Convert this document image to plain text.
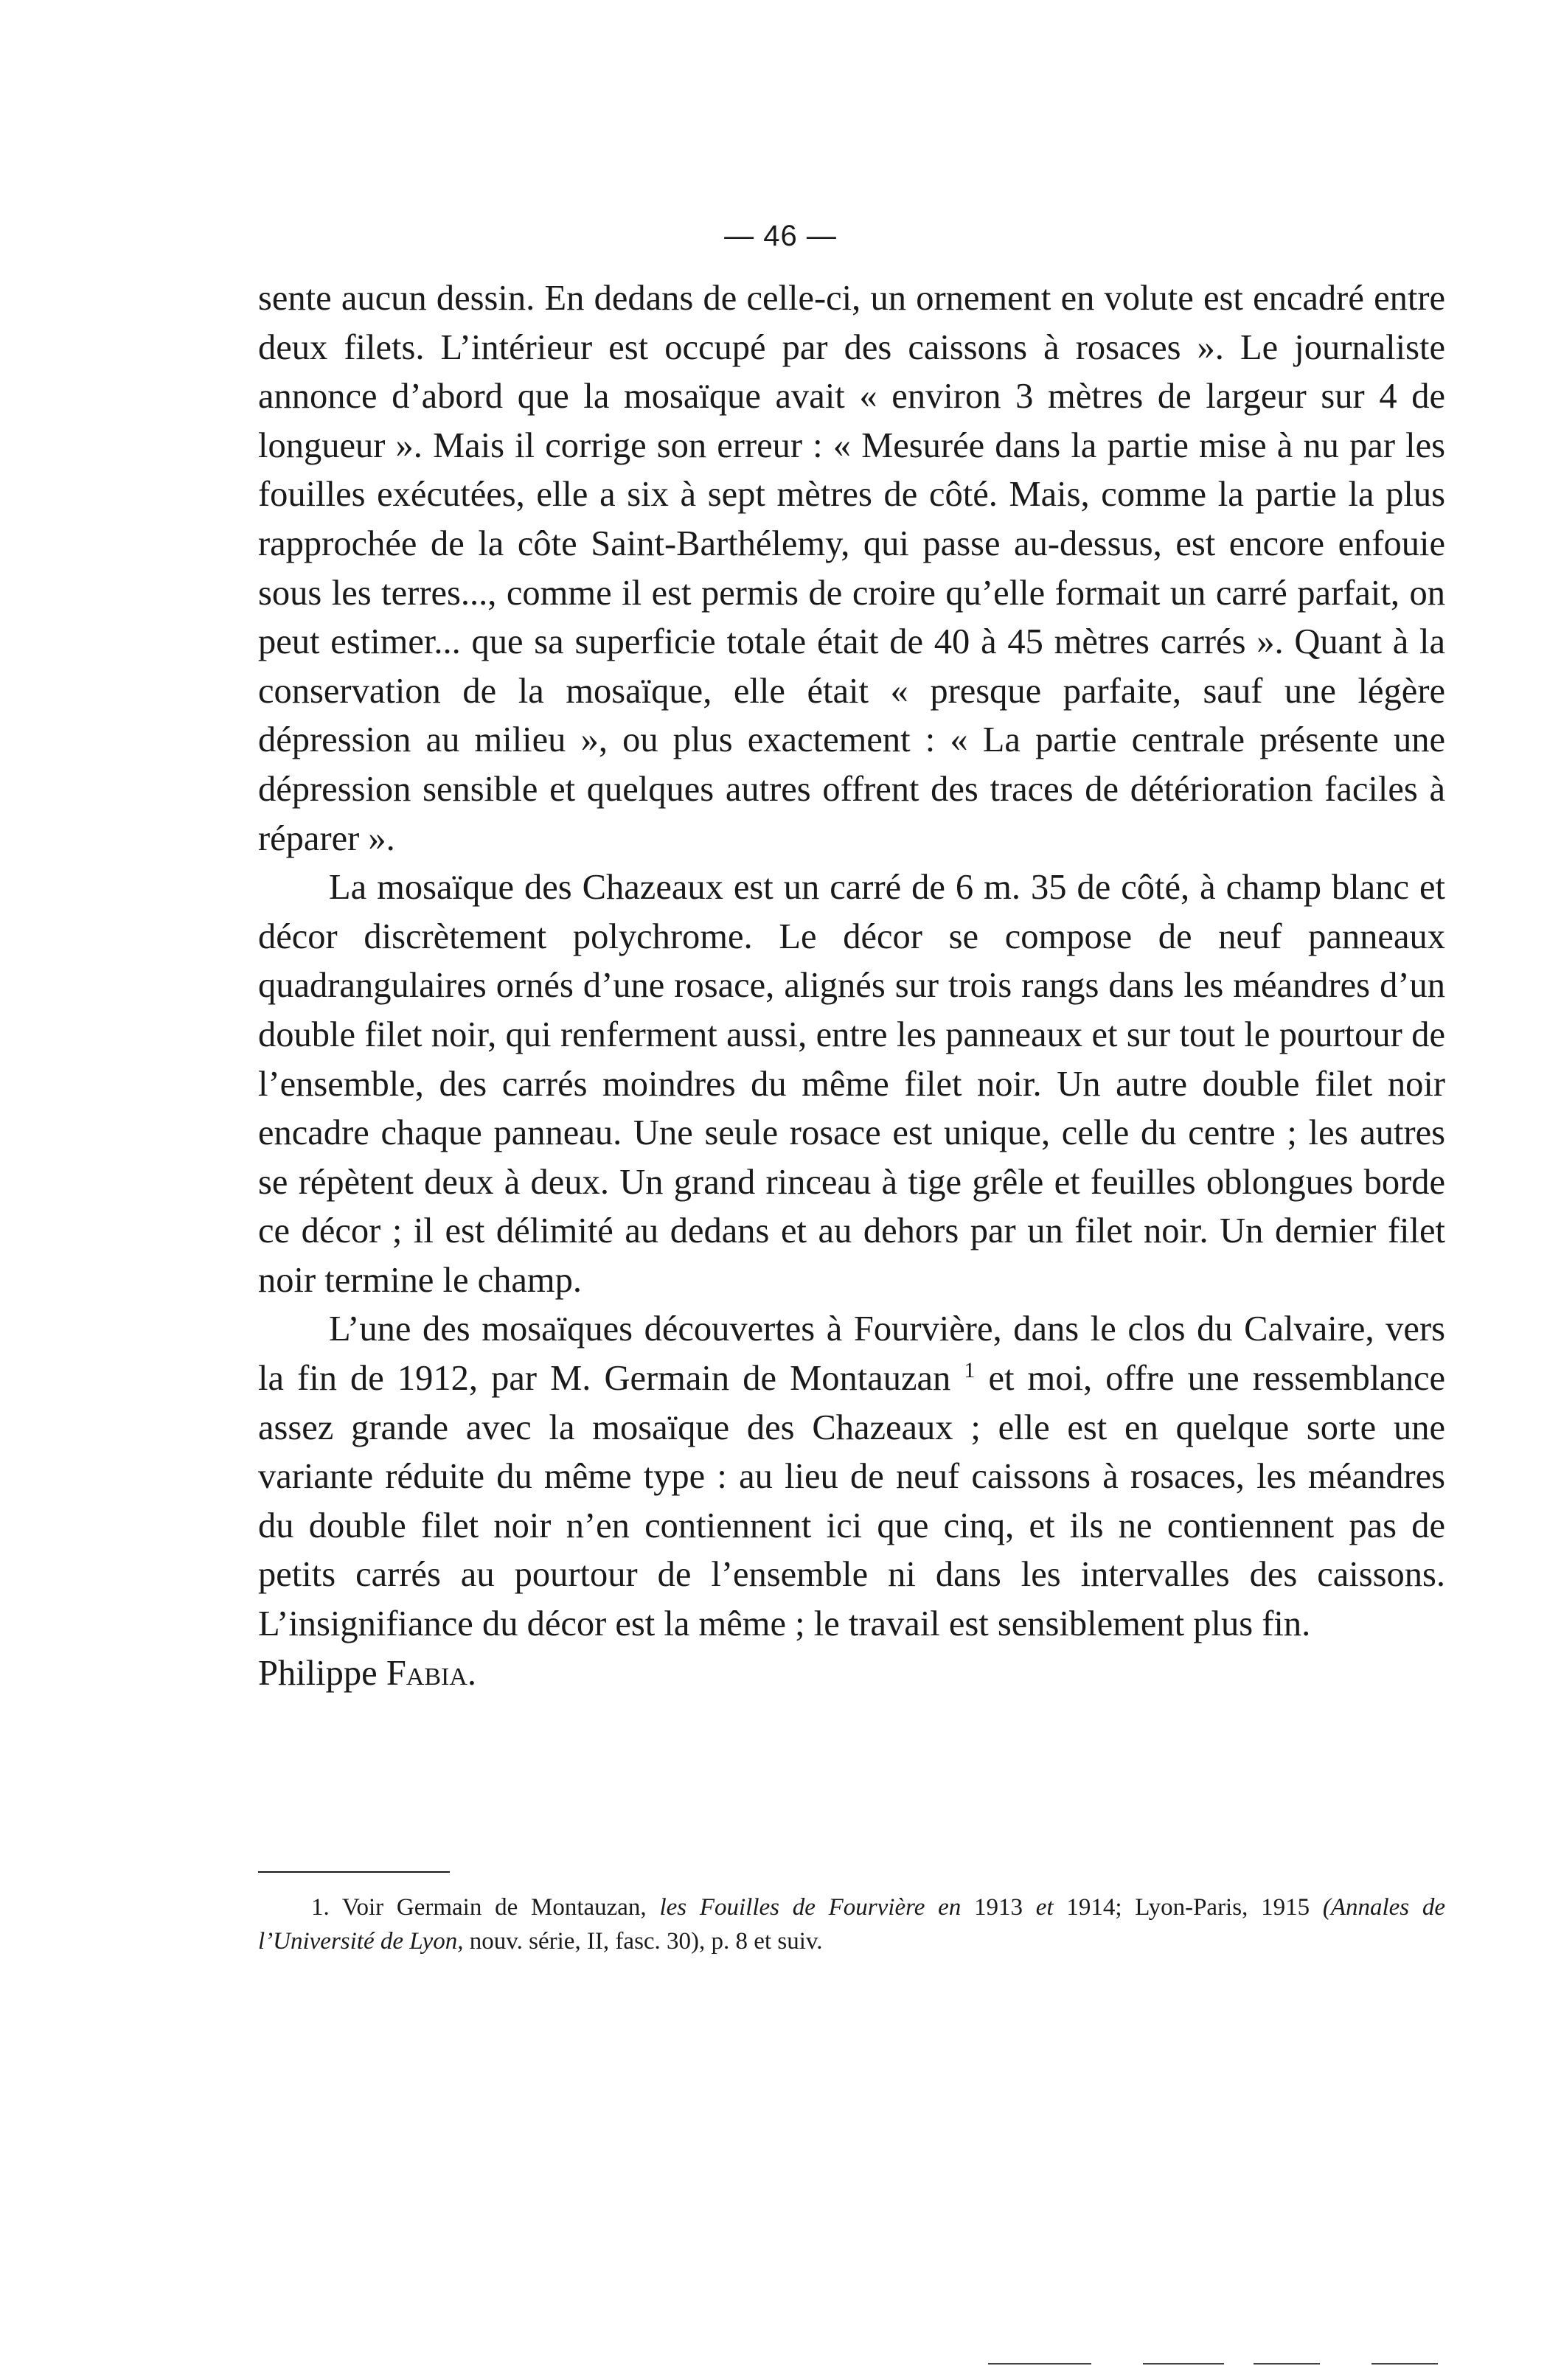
— 46 —

sente aucun dessin. En dedans de celle-ci, un ornement en volute est encadré entre deux filets. L’intérieur est occupé par des caissons à rosaces ». Le journaliste annonce d’abord que la mosaïque avait « environ 3 mètres de largeur sur 4 de longueur ». Mais il corrige son erreur : « Mesurée dans la partie mise à nu par les fouilles exécutées, elle a six à sept mètres de côté. Mais, comme la partie la plus rapprochée de la côte Saint-Barthélemy, qui passe au-dessus, est encore enfouie sous les terres..., comme il est permis de croire qu’elle formait un carré parfait, on peut estimer... que sa superficie totale était de 40 à 45 mètres carrés ». Quant à la conservation de la mosaïque, elle était « presque parfaite, sauf une légère dépression au milieu », ou plus exactement : « La partie centrale présente une dépression sensible et quelques autres offrent des traces de détérioration faciles à réparer ».

La mosaïque des Chazeaux est un carré de 6 m. 35 de côté, à champ blanc et décor discrètement polychrome. Le décor se compose de neuf panneaux quadrangulaires ornés d’une rosace, alignés sur trois rangs dans les méandres d’un double filet noir, qui renferment aussi, entre les panneaux et sur tout le pourtour de l’ensemble, des carrés moindres du même filet noir. Un autre double filet noir encadre chaque panneau. Une seule rosace est unique, celle du centre ; les autres se répètent deux à deux. Un grand rinceau à tige grêle et feuilles oblongues borde ce décor ; il est délimité au dedans et au dehors par un filet noir. Un dernier filet noir termine le champ.

L’une des mosaïques découvertes à Fourvière, dans le clos du Calvaire, vers la fin de 1912, par M. Germain de Montauzan $^1$ et moi, offre une ressemblance assez grande avec la mosaïque des Chazeaux ; elle est en quelque sorte une variante réduite du même type : au lieu de neuf caissons à rosaces, les méandres du double filet noir n’en contiennent ici que cinq, et ils ne contiennent pas de petits carrés au pourtour de l’ensemble ni dans les intervalles des caissons. L’insignifiance du décor est la même ; le travail est sensiblement plus fin.

Philippe Fabia.

1. Voir Germain de Montauzan, les Fouilles de Fourvière en 1913 et 1914; Lyon-Paris, 1915 (Annales de l’Université de Lyon, nouv. série, II, fasc. 30), p. 8 et suiv.
